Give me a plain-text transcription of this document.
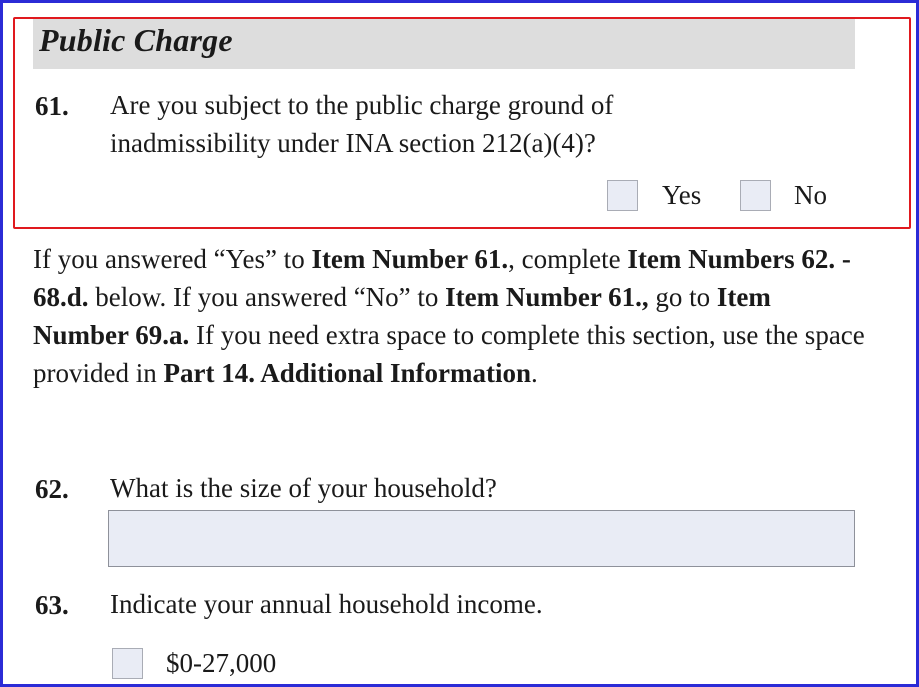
Public Charge
61. Are you subject to the public charge ground of
inadmissibility under INA section 212(a)(4)?
Yes	No
If you answered “Yes” to Item Number 61., complete Item Numbers 62. - 68.d. below. If you answered “No” to Item Number 61., go to Item Number 69.a. If you need extra space to complete this section, use the space provided in Part 14. Additional Information.
62. What is the size of your household?
63. Indicate your annual household income.
$0-27,000
